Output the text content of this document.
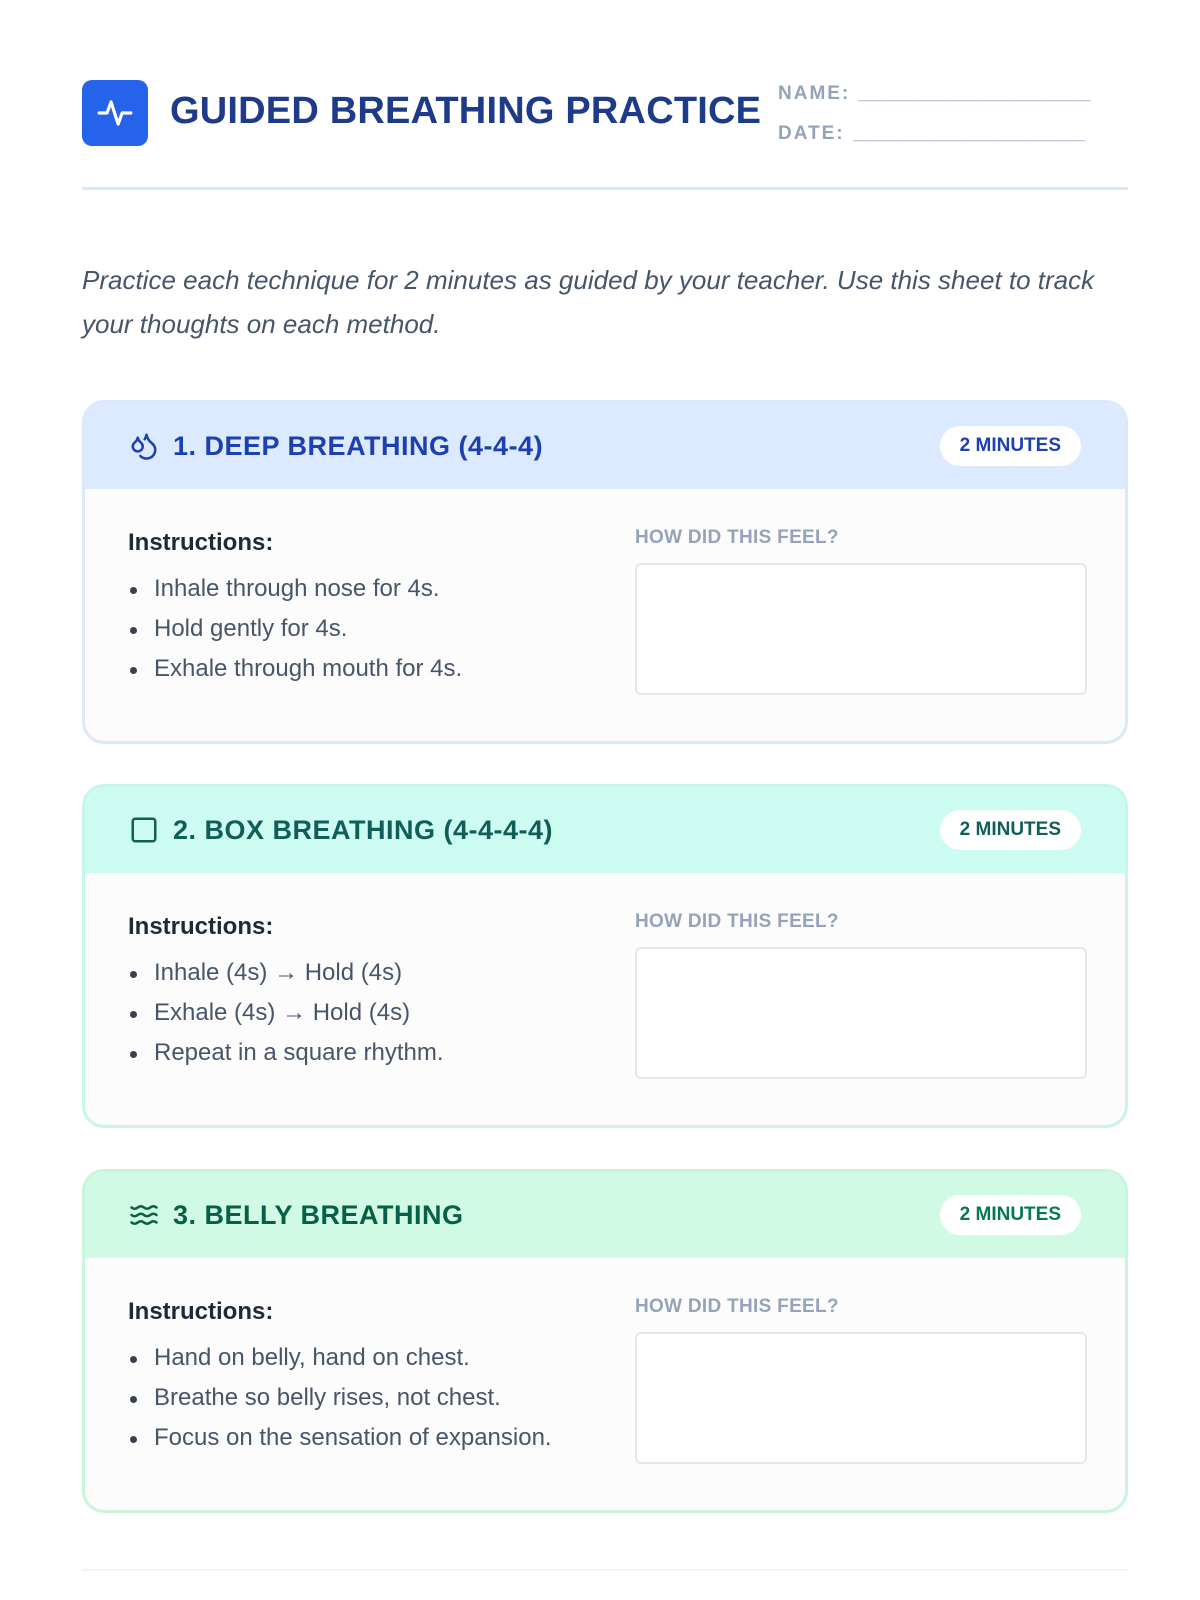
GUIDED BREATHING PRACTICE NAME: ______________________
DATE: ______________________

Practice each technique for 2 minutes as guided by your teacher. Use this sheet to track your thoughts on each method.

1. DEEP BREATHING (4-4-4)	2 MINUTES
Instructions:
Inhale through nose for 4s.
Hold gently for 4s.
Exhale through mouth for 4s.
HOW DID THIS FEEL?
2. BOX BREATHING (4-4-4-4)	2 MINUTES
Instructions:
Inhale (4s) → Hold (4s)
Exhale (4s) → Hold (4s)
Repeat in a square rhythm.
HOW DID THIS FEEL?
3. BELLY BREATHING	2 MINUTES
Instructions:
Hand on belly, hand on chest.
Breathe so belly rises, not chest.
Focus on the sensation of expansion.
HOW DID THIS FEEL?
